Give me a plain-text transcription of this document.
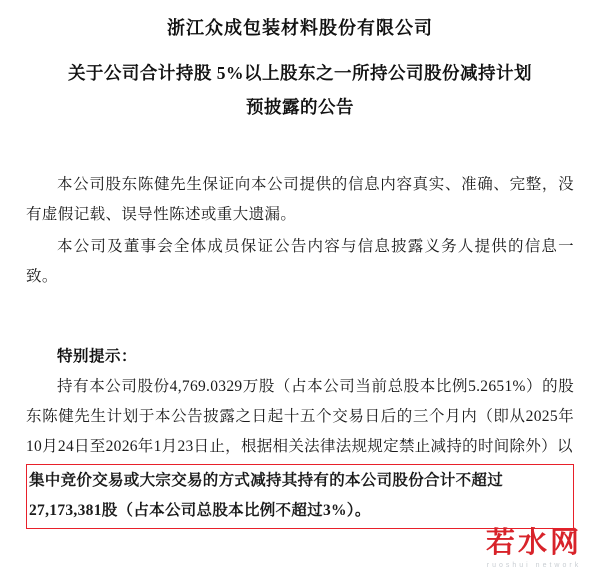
浙江众成包装材料股份有限公司
关于公司合计持股 5%以上股东之一所持公司股份减持计划
预披露的公告

本公司股东陈健先生保证向本公司提供的信息内容真实、准确、完整，没有虚假记载、误导性陈述或重大遗漏。

本公司及董事会全体成员保证公告内容与信息披露义务人提供的信息一致。

特别提示：

持有本公司股份4,769.0329万股（占本公司当前总股本比例5.2651%）的股东陈健先生计划于本公告披露之日起十五个交易日后的三个月内（即从2025年10月24日至2026年1月23日止，根据相关法律法规规定禁止减持的时间除外）以

集中竞价交易或大宗交易的方式减持其持有的本公司股份合计不超过

27,173,381股（占本公司总股本比例不超过3%）。

若水网
ruoshui network
